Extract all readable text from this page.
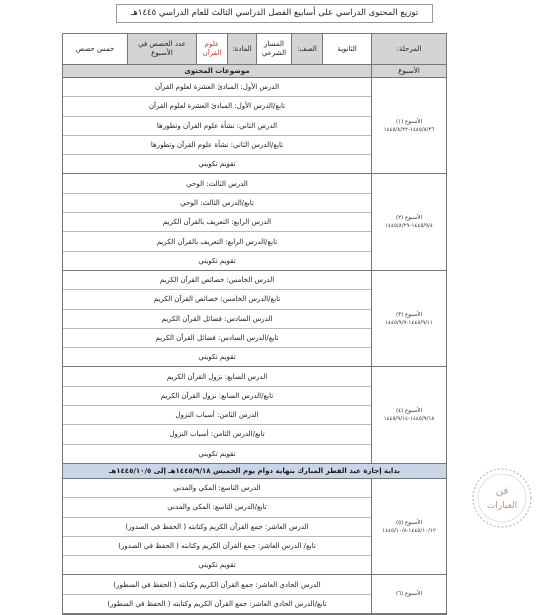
توزيع المحتوى الدراسي على أسابيع الفصل الدراسي الثالث للعام الدراسي ١٤٤٥هـ
المرحلة:
الثانوية
الصف:
المسار الشرعي
المادة:
علوم القرآن
عدد الحصص في الأسبوع
خمس حصص
الأسبوع
موضوعات المحتوى
الأسبوع (١)
١٤٤٥/٨/٢٦-١٤٤٥/٨/٢٢
الدرس الأول: المبادئ العشرة لعلوم القرآن
تابع/الدرس الأول: المبادئ العشرة لعلوم القرآن
الدرس الثاني: نشأة علوم القرآن وتطورها
تابع/الدرس الثاني: نشأة علوم القرآن وتطورها
تقويم تكويني
الأسبوع (٢)
١٤٤٥/٩/٤-١٤٤٥/٨/٢٩
الدرس الثالث: الوحي
تابع/الدرس الثالث: الوحي
الدرس الرابع: التعريف بالقرآن الكريم
تابع/الدرس الرابع: التعريف بالقرآن الكريم
تقويم تكويني
الأسبوع (٣)
١٤٤٥/٩/١١-١٤٤٥/٩/٧
الدرس الخامس: خصائص القرآن الكريم
تابع/الدرس الخامس: خصائص القرآن الكريم
الدرس السادس: فضائل القرآن الكريم
تابع/الدرس السادس: فضائل القرآن الكريم
تقويم تكويني
الأسبوع (٤)
١٤٤٥/٩/١٨-١٤٤٥/٩/١٤
الدرس السابع: نزول القرآن الكريم
تابع/الدرس السابع: نزول القرآن الكريم
الدرس الثامن: أسباب النزول
تابع/الدرس الثامن: أسباب النزول
تقويم تكويني
بداية إجازة عيد الفطر المبارك بنهاية دوام يوم الخميس ١٤٤٥/٩/١٨هـ إلى ١٤٤٥/١٠/٥هـ
الأسبوع (٥)
١٤٤٥/١٠/١٢-١٤٤٥/١٠/٨
الدرس التاسع: المكي والمدني
تابع/الدرس التاسع: المكي والمدني
الدرس العاشر: جمع القرآن الكريم وكتابته ( الحفظ في الصدور)
تابع/ الدرس العاشر: جمع القرآن الكريم وكتابته ( الحفظ في الصدور)
تقويم تكويني
الأسبوع (٦)
الدرس الحادي العاشر: جمع القرآن الكريم وكتابته ( الحفظ في السطور)
تابع/الدرس الحادي العاشر: جمع القرآن الكريم وكتابته ( الحفظ في السطور)
فن
العبارات
